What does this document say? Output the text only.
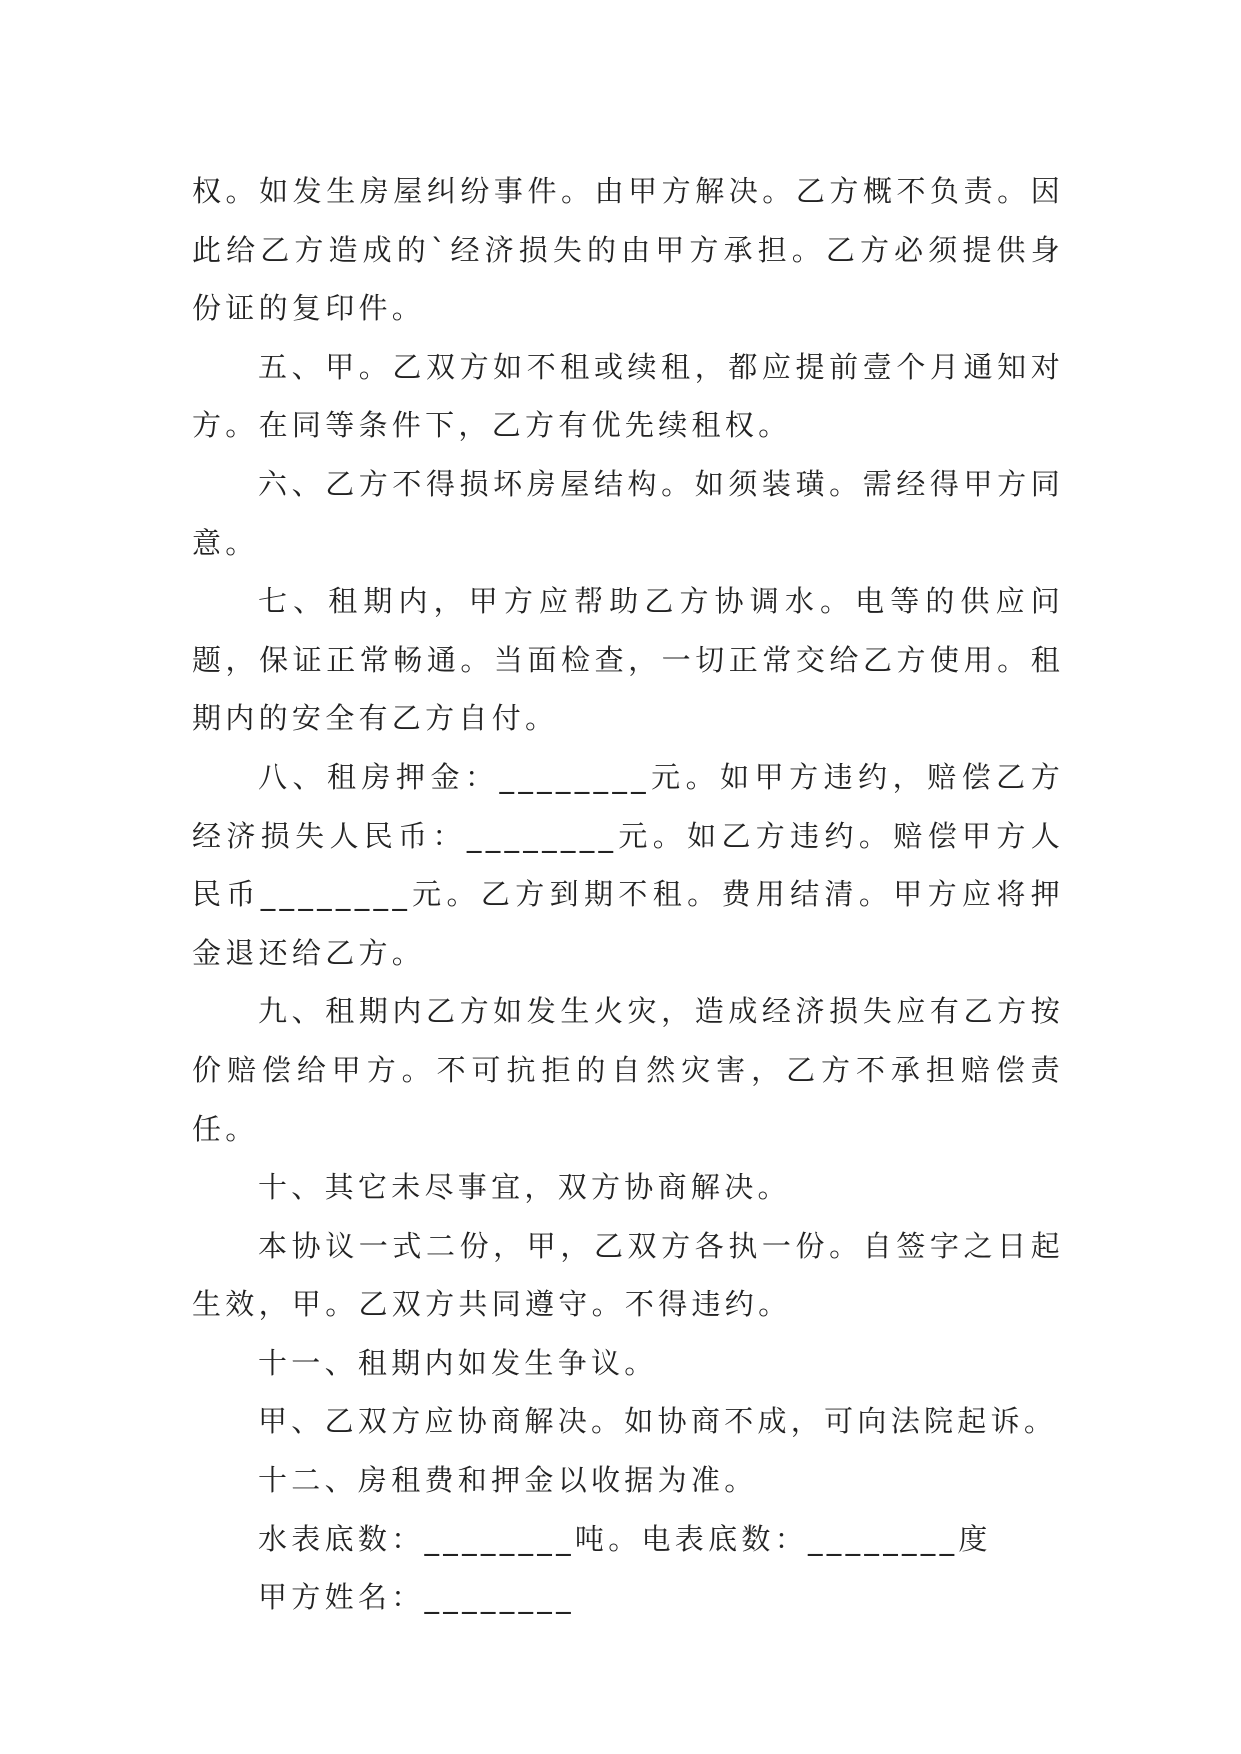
权。如发生房屋纠纷事件。由甲方解决。乙方概不负责。因此给乙方造成的`经济损失的由甲方承担。乙方必须提供身份证的复印件。

五、甲。乙双方如不租或续租，都应提前壹个月通知对方。在同等条件下，乙方有优先续租权。

六、乙方不得损坏房屋结构。如须装璜。需经得甲方同意。

七、租期内，甲方应帮助乙方协调水。电等的供应问题，保证正常畅通。当面检查，一切正常交给乙方使用。租期内的安全有乙方自付。

八、租房押金：________元。如甲方违约，赔偿乙方经济损失人民币：________元。如乙方违约。赔偿甲方人民币________元。乙方到期不租。费用结清。甲方应将押金退还给乙方。

九、租期内乙方如发生火灾，造成经济损失应有乙方按价赔偿给甲方。不可抗拒的自然灾害，乙方不承担赔偿责任。

十、其它未尽事宜，双方协商解决。

本协议一式二份，甲，乙双方各执一份。自签字之日起生效，甲。乙双方共同遵守。不得违约。

十一、租期内如发生争议。

甲、乙双方应协商解决。如协商不成，可向法院起诉。

十二、房租费和押金以收据为准。

水表底数：________吨。电表底数：________度

甲方姓名：________
